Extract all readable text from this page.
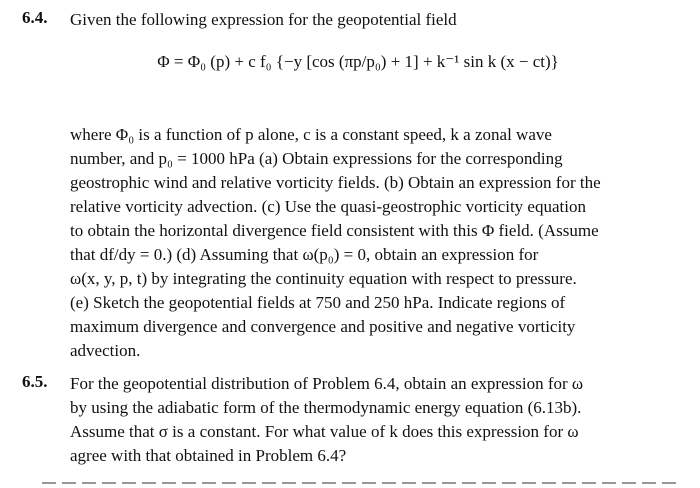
6.4. Given the following expression for the geopotential field
Φ = Φ₀ (p) + c f₀ {−y [cos (πp/p₀) + 1] + k⁻¹ sin k (x − ct)}
where Φ₀ is a function of p alone, c is a constant speed, k a zonal wave
number, and p₀ = 1000 hPa (a) Obtain expressions for the corresponding
geostrophic wind and relative vorticity fields. (b) Obtain an expression for the
relative vorticity advection. (c) Use the quasi-geostrophic vorticity equation
to obtain the horizontal divergence field consistent with this Φ field. (Assume
that df/dy = 0.) (d) Assuming that ω(p₀) = 0, obtain an expression for
ω(x, y, p, t) by integrating the continuity equation with respect to pressure.
(e) Sketch the geopotential fields at 750 and 250 hPa. Indicate regions of
maximum divergence and convergence and positive and negative vorticity
advection.
6.5. For the geopotential distribution of Problem 6.4, obtain an expression for ω
by using the adiabatic form of the thermodynamic energy equation (6.13b).
Assume that σ is a constant. For what value of k does this expression for ω
agree with that obtained in Problem 6.4?
